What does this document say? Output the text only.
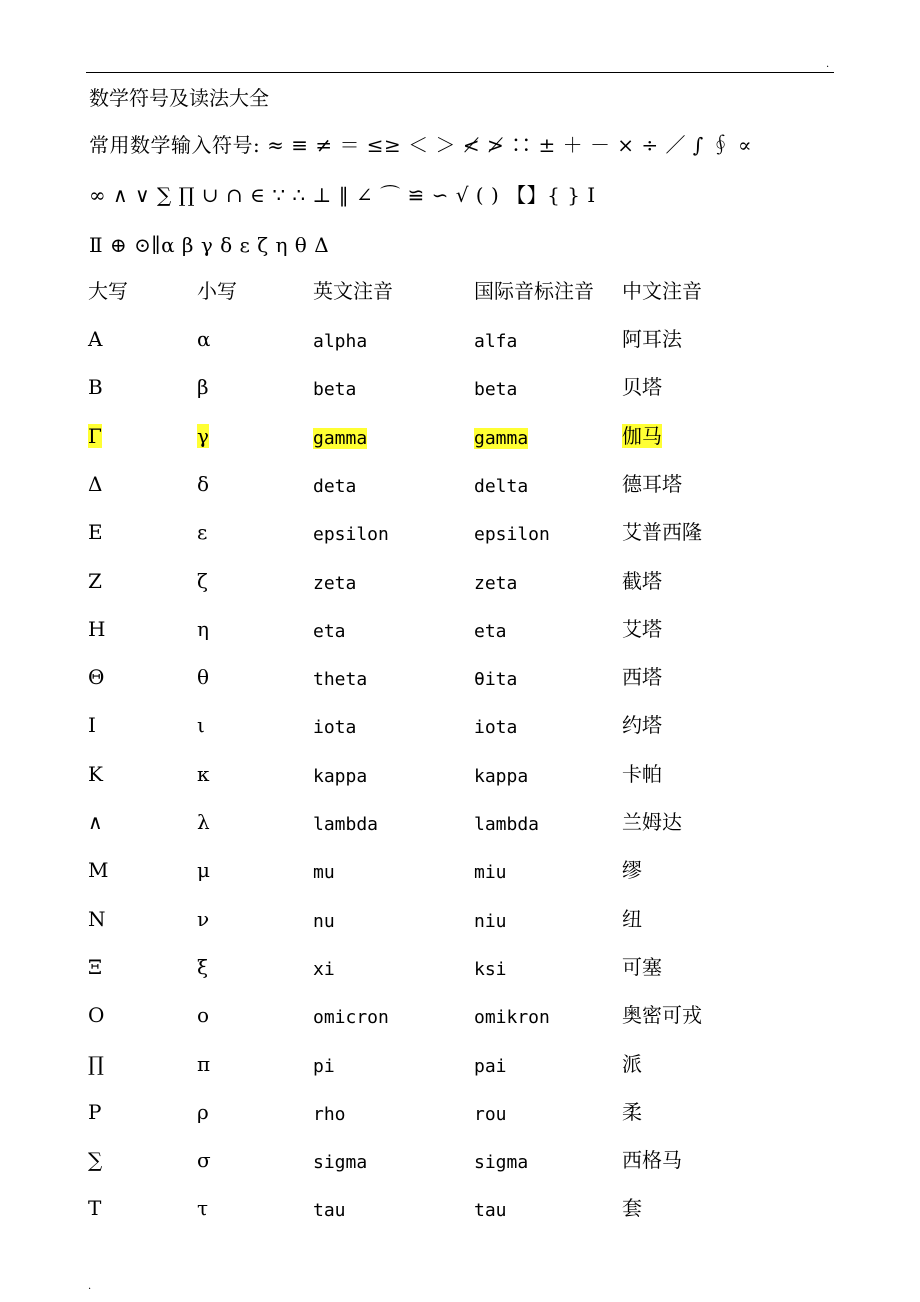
.
数学符号及读法大全
常用数学输入符号: ≈ ≡ ≠ ＝ ≤≥ ＜ ＞ ≮ ≯ ∷ ± ＋ － × ÷ ／ ∫ ∮ ∝
∞ ∧ ∨ ∑ ∏ ∪ ∩ ∈ ∵ ∴ ⊥ ‖ ∠ ⌒ ≌ ∽ √ ( ) 【】{ } Ⅰ
Ⅱ ⊕ ⊙∥α β γ δ ε ζ η θ Δ
大写	小写	英文注音	国际音标注音 中文注音
A	α	alpha	alfa	阿耳法
B	β	beta	beta	贝塔
Γ	γ	gamma	gamma	伽马
Δ	δ	deta	delta	德耳塔
E	ε	epsilon	epsilon	艾普西隆
Z	ζ	zeta	zeta	截塔
H	η	eta	eta	艾塔
Θ	θ	theta	θita	西塔
I	ι	iota	iota	约塔
K	κ	kappa	kappa	卡帕
∧	λ	lambda	lambda	兰姆达
M	μ	mu	miu	缪
N	ν	nu	niu	纽
Ξ	ξ	xi	ksi	可塞
O	ο	omicron	omikron	奥密可戎
∏	π	pi	pai	派
P	ρ	rho	rou	柔
∑	σ	sigma	sigma	西格马
T	τ	tau	tau	套
.
